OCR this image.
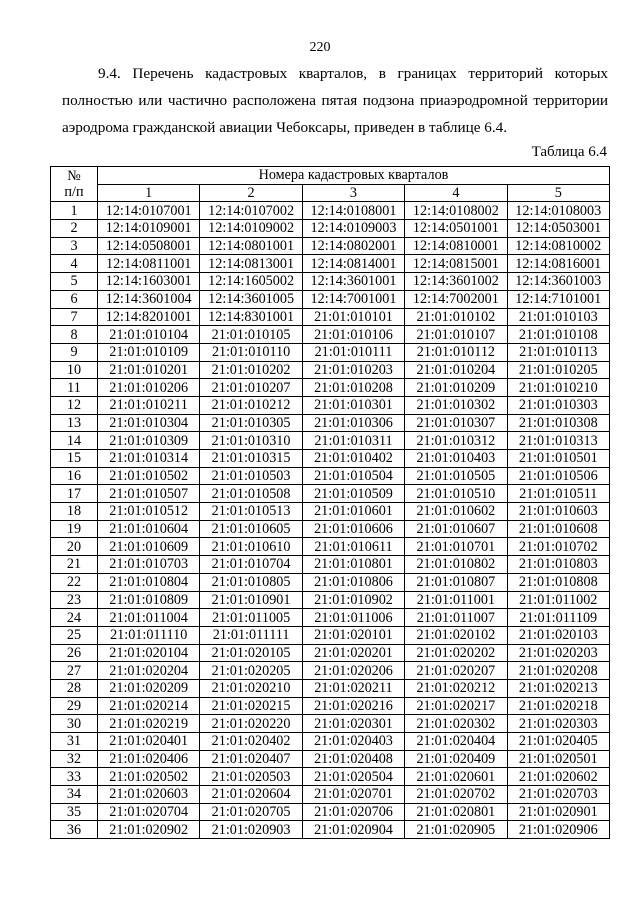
220

9.4. Перечень кадастровых кварталов, в границах территорий которых полностью или частично расположена пятая подзона приаэродромной территории аэродрома гражданской авиации Чебоксары, приведен в таблице 6.4.

Таблица 6.4
№
п/п	Номера кадастровых кварталов				
	1	2	3	4	5
1	12:14:0107001	12:14:0107002	12:14:0108001	12:14:0108002	12:14:0108003
2	12:14:0109001	12:14:0109002	12:14:0109003	12:14:0501001	12:14:0503001
3	12:14:0508001	12:14:0801001	12:14:0802001	12:14:0810001	12:14:0810002
4	12:14:0811001	12:14:0813001	12:14:0814001	12:14:0815001	12:14:0816001
5	12:14:1603001	12:14:1605002	12:14:3601001	12:14:3601002	12:14:3601003
6	12:14:3601004	12:14:3601005	12:14:7001001	12:14:7002001	12:14:7101001
7	12:14:8201001	12:14:8301001	21:01:010101	21:01:010102	21:01:010103
8	21:01:010104	21:01:010105	21:01:010106	21:01:010107	21:01:010108
9	21:01:010109	21:01:010110	21:01:010111	21:01:010112	21:01:010113
10	21:01:010201	21:01:010202	21:01:010203	21:01:010204	21:01:010205
11	21:01:010206	21:01:010207	21:01:010208	21:01:010209	21:01:010210
12	21:01:010211	21:01:010212	21:01:010301	21:01:010302	21:01:010303
13	21:01:010304	21:01:010305	21:01:010306	21:01:010307	21:01:010308
14	21:01:010309	21:01:010310	21:01:010311	21:01:010312	21:01:010313
15	21:01:010314	21:01:010315	21:01:010402	21:01:010403	21:01:010501
16	21:01:010502	21:01:010503	21:01:010504	21:01:010505	21:01:010506
17	21:01:010507	21:01:010508	21:01:010509	21:01:010510	21:01:010511
18	21:01:010512	21:01:010513	21:01:010601	21:01:010602	21:01:010603
19	21:01:010604	21:01:010605	21:01:010606	21:01:010607	21:01:010608
20	21:01:010609	21:01:010610	21:01:010611	21:01:010701	21:01:010702
21	21:01:010703	21:01:010704	21:01:010801	21:01:010802	21:01:010803
22	21:01:010804	21:01:010805	21:01:010806	21:01:010807	21:01:010808
23	21:01:010809	21:01:010901	21:01:010902	21:01:011001	21:01:011002
24	21:01:011004	21:01:011005	21:01:011006	21:01:011007	21:01:011109
25	21:01:011110	21:01:011111	21:01:020101	21:01:020102	21:01:020103
26	21:01:020104	21:01:020105	21:01:020201	21:01:020202	21:01:020203
27	21:01:020204	21:01:020205	21:01:020206	21:01:020207	21:01:020208
28	21:01:020209	21:01:020210	21:01:020211	21:01:020212	21:01:020213
29	21:01:020214	21:01:020215	21:01:020216	21:01:020217	21:01:020218
30	21:01:020219	21:01:020220	21:01:020301	21:01:020302	21:01:020303
31	21:01:020401	21:01:020402	21:01:020403	21:01:020404	21:01:020405
32	21:01:020406	21:01:020407	21:01:020408	21:01:020409	21:01:020501
33	21:01:020502	21:01:020503	21:01:020504	21:01:020601	21:01:020602
34	21:01:020603	21:01:020604	21:01:020701	21:01:020702	21:01:020703
35	21:01:020704	21:01:020705	21:01:020706	21:01:020801	21:01:020901
36	21:01:020902	21:01:020903	21:01:020904	21:01:020905	21:01:020906
